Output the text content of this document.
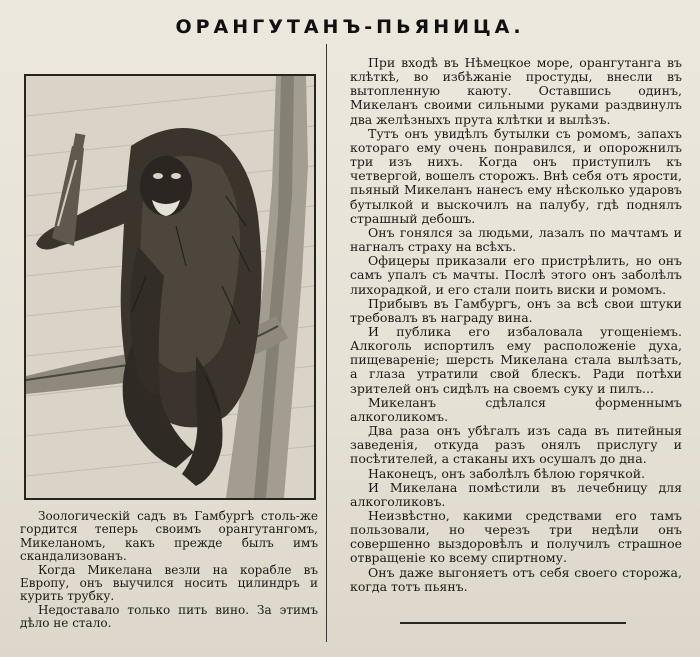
ОРАНГУТАНЪ-ПЬЯНИЦА.

Зоологическій садъ въ Гамбургѣ столь-же гордится теперь своимъ орангутангомъ, Микеланомъ, какъ прежде былъ имъ скандализованъ.

Когда Микелана везли на корабле въ Европу, онъ выучился носить цилиндръ и курить трубку.

Недоставало только пить вино. За этимъ дѣло не стало.

При входѣ въ Нѣмецкое море, орангутанга въ клѣткѣ, во избѣжаніе простуды, внесли въ вытопленную каюту. Оставшись одинъ, Микеланъ своими сильными руками раздвинулъ два желѣзныхъ прута клѣтки и вылѣзъ.

Тутъ онъ увидѣлъ бутылки съ ромомъ, запахъ котораго ему очень понравился, и опорожнилъ три изъ нихъ. Когда онъ приступилъ къ четвергой, вошелъ сторожъ. Внѣ себя отъ ярости, пьяный Микеланъ нанесъ ему нѣсколько ударовъ бутылкой и выскочилъ на палубу, гдѣ поднялъ страшный дебошъ.

Онъ гонялся за людьми, лазалъ по мачтамъ и нагналъ страху на всѣхъ.

Офицеры приказали его пристрѣлить, но онъ самъ упалъ съ мачты. Послѣ этого онъ заболѣлъ лихорадкой, и его стали поить виски и ромомъ.

Прибывъ въ Гамбургъ, онъ за всѣ свои штуки требовалъ въ награду вина.

И публика его избаловала угощеніемъ. Алкоголь испортилъ ему расположеніе духа, пищевареніе; шерсть Микелана стала вылѣзать, а глаза утратили свой блескъ. Ради потѣхи зрителей онъ сидѣлъ на своемъ суку и пилъ...

Микеланъ сдѣлался форменнымъ алкоголикомъ.

Два раза онъ убѣгалъ изъ сада въ питейныя заведенія, откуда разъ онялъ прислугу и посѣтителей, а стаканы ихъ осушалъ до дна.

Наконецъ, онъ заболѣлъ бѣлою горячкой.

И Микелана помѣстили въ лечебницу для алкоголиковъ.

Неизвѣстно, какими средствами его тамъ пользовали, но черезъ три недѣли онъ совершенно выздоровѣлъ и получилъ страшное отвращеніе ко всему спиртному.

Онъ даже выгоняетъ отъ себя своего сторожа, когда тотъ пьянъ.
